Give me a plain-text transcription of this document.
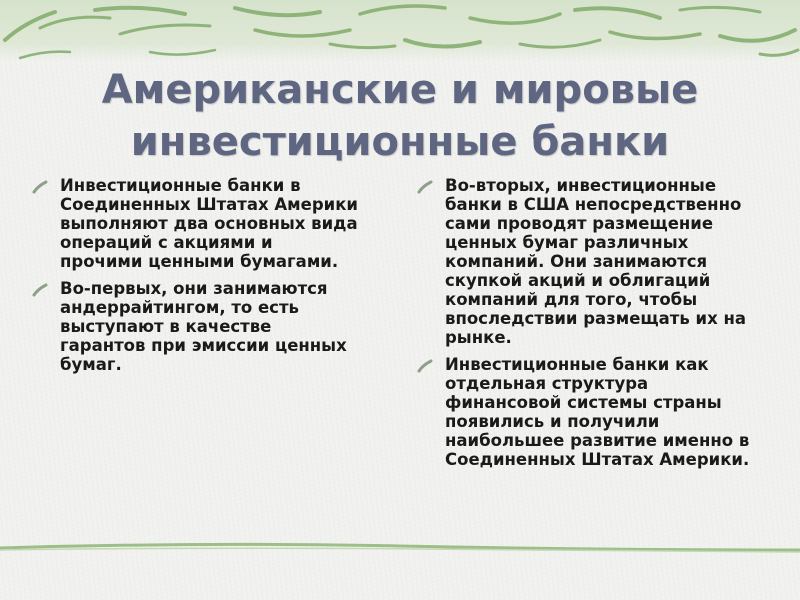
Американские и мировые
инвестиционные банки
Инвестиционные банки в Соединенных Штатах Америки выполняют два основных вида операций с акциями и прочими ценными бумагами.
Во-первых, они занимаются андеррайтингом, то есть выступают в качестве гарантов при эмиссии ценных бумаг.
Во-вторых, инвестиционные банки в США непосредственно сами проводят размещение ценных бумаг различных компаний. Они занимаются скупкой акций и облигаций компаний для того, чтобы впоследствии размещать их на рынке.
Инвестиционные банки как отдельная структура финансовой системы страны появились и получили наибольшее развитие именно в Соединенных Штатах Америки.
